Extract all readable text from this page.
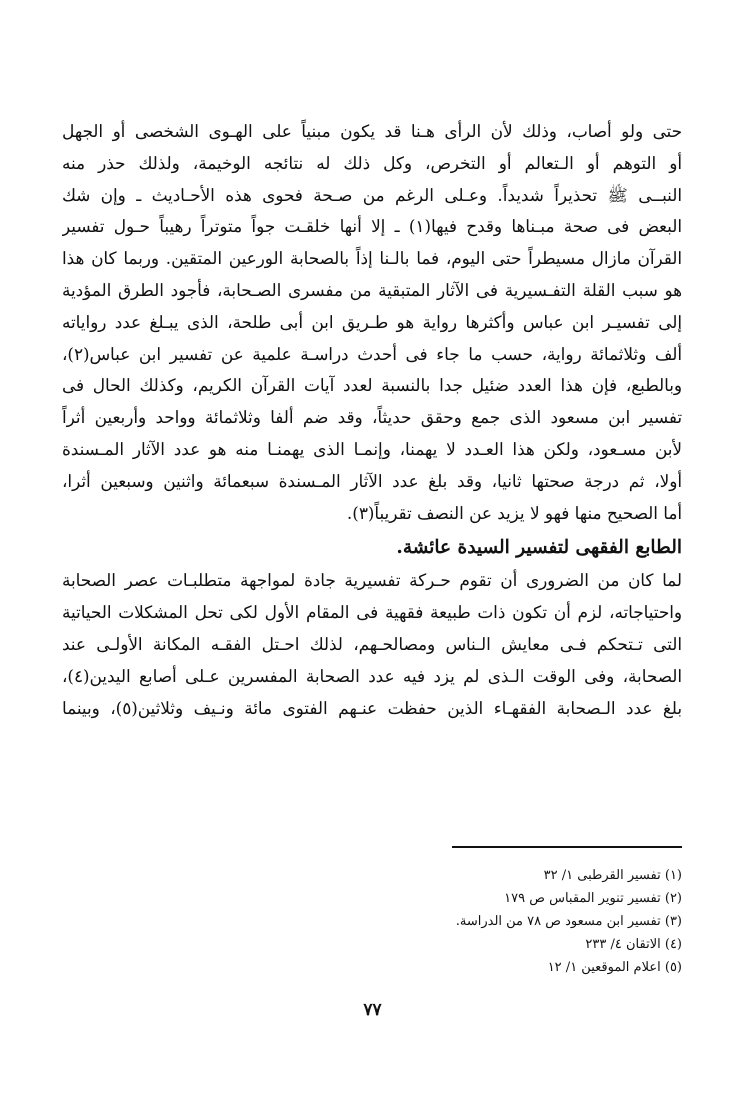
حتى ولو أصاب، وذلك لأن الرأى هـنا قد يكون مبنياً على الهـوى الشخصى أو الجهل
أو التوهم أو الـتعالم أو التخرص، وكل ذلك له نتائجه الوخيمة، ولذلك حذر منه
النبــى ﷺ تحذيراً شديداً. وعـلى الرغم من صـحة فحوى هذه الأحـاديث ـ وإن شك
البعض فى صحة مبـناها وقدح فيها(١) ـ إلا أنها خلقـت جواً متوتراً رهيباً حـول تفسير
القرآن مازال مسيطراً حتى اليوم، فما بالـنا إذاً بالصحابة الورعين المتقين. وربما كان هذا
هو سبب القلة التفـسيرية فى الآثار المتبقية من مفسرى الصـحابة، فأجود الطرق المؤدية
إلى تفسيـر ابن عباس وأكثرها رواية هو طـريق ابن أبى طلحة، الذى يبـلغ عدد رواياته
ألف وثلاثمائة رواية، حسب ما جاء فى أحدث دراسـة علمية عن تفسير ابن عباس(٢)،
وبالطبع، فإن هذا العدد ضئيل جدا بالنسبة لعدد آيات القرآن الكريم، وكذلك الحال فى
تفسير ابن مسعود الذى جمع وحقق حديثاً، وقد ضم ألفا وثلاثمائة وواحد وأربعين أثراً
لأبن مسـعود، ولكن هذا العـدد لا يهمنا، وإنمـا الذى يهمنـا منه هو عدد الآثار المـسندة
أولا، ثم درجة صحتها ثانيا، وقد بلغ عدد الآثار المـسندة سبعمائة واثنين وسبعين أثرا،
أما الصحيح منها فهو لا يزيد عن النصف تقريباً(٣).
الطابع الفقهى لتفسير السيدة عائشة.
لما كان من الضرورى أن تقوم حـركة تفسيرية جادة لمواجهة متطلبـات عصر الصحابة
واحتياجاته، لزم أن تكون ذات طبيعة فقهية فى المقام الأول لكى تحل المشكلات الحياتية
التى تـتحكم فـى معايش الـناس ومصالحـهم، لذلك احـتل الفقـه المكانة الأولـى عند
الصحابة، وفى الوقت الـذى لم يزد فيه عدد الصحابة المفسرين عـلى أصابع اليدين(٤)،
بلغ عدد الـصحابة الفقهـاء الذين حفظت عنـهم الفتوى مائة ونـيف وثلاثين(٥)، وبينما
(١) تفسير القرطبى ١/ ٣٢
(٢) تفسير تنوير المقباس ص ١٧٩
(٣) تفسير ابن مسعود ص ٧٨ من الدراسة.
(٤) الاتقان ٤/ ٢٣٣
(٥) اعلام الموقعين ١/ ١٢
٧٧
